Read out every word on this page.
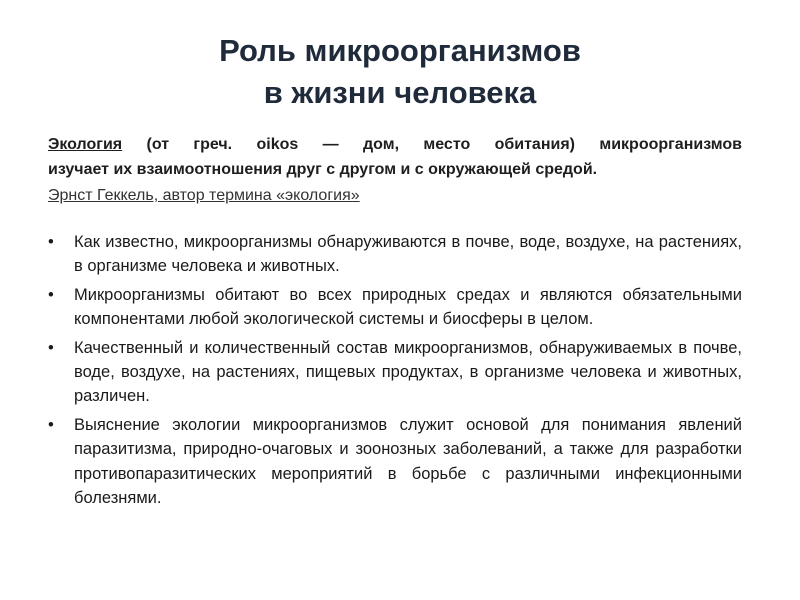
Роль микроорганизмов
в жизни человека
Экология (от греч. oikos — дом, место обитания) микроорганизмов
изучает их взаимоотношения друг с другом и с окружающей средой.
Эрнст Геккель, автор термина «экология»
• Как известно, микроорганизмы обнаруживаются в почве, воде, воздухе, на растениях, в организме человека и животных.
• Микроорганизмы обитают во всех природных средах и являются обязательными компонентами любой экологической системы и биосферы в целом.
• Качественный и количественный состав микроорганизмов, обнаруживаемых в почве, воде, воздухе, на растениях, пищевых продуктах, в организме человека и животных, различен.
• Выяснение экологии микроорганизмов служит основой для понимания явлений паразитизма, природно-очаговых и зоонозных заболеваний, а также для разработки противопаразитических мероприятий в борьбе с различными инфекционными болезнями.
